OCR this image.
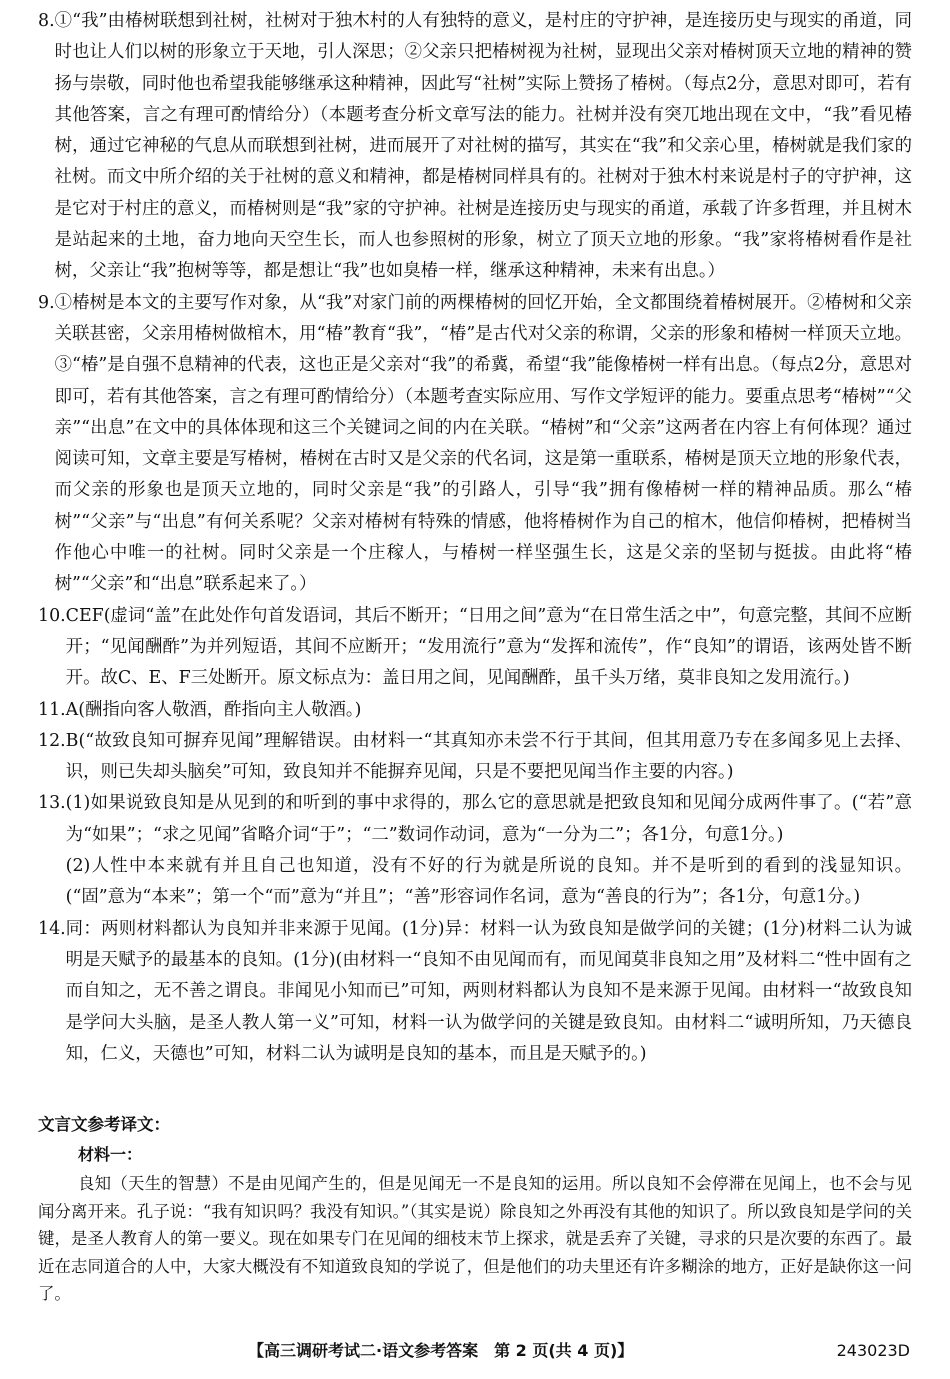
8. ①“我”由椿树联想到社树，社树对于独木村的人有独特的意义，是村庄的守护神，是连接历史与现实的甬道，同时也让人们以树的形象立于天地，引人深思；②父亲只把椿树视为社树，显现出父亲对椿树顶天立地的精神的赞扬与崇敬，同时他也希望我能够继承这种精神，因此写“社树”实际上赞扬了椿树。（每点2分，意思对即可，若有其他答案，言之有理可酌情给分）（本题考查分析文章写法的能力。社树并没有突兀地出现在文中，“我”看见椿树，通过它神秘的气息从而联想到社树，进而展开了对社树的描写，其实在“我”和父亲心里，椿树就是我们家的社树。而文中所介绍的关于社树的意义和精神，都是椿树同样具有的。社树对于独木村来说是村子的守护神，这是它对于村庄的意义，而椿树则是“我”家的守护神。社树是连接历史与现实的甬道，承载了许多哲理，并且树木是站起来的土地，奋力地向天空生长，而人也参照树的形象，树立了顶天立地的形象。“我”家将椿树看作是社树，父亲让“我”抱树等等，都是想让“我”也如臭椿一样，继承这种精神，未来有出息。）
9. ①椿树是本文的主要写作对象，从“我”对家门前的两棵椿树的回忆开始，全文都围绕着椿树展开。②椿树和父亲关联甚密，父亲用椿树做棺木，用“椿”教育“我”，“椿”是古代对父亲的称谓，父亲的形象和椿树一样顶天立地。③“椿”是自强不息精神的代表，这也正是父亲对“我”的希冀，希望“我”能像椿树一样有出息。（每点2分，意思对即可，若有其他答案，言之有理可酌情给分）（本题考查实际应用、写作文学短评的能力。要重点思考“椿树”“父亲”“出息”在文中的具体体现和这三个关键词之间的内在关联。“椿树”和“父亲”这两者在内容上有何体现？通过阅读可知，文章主要是写椿树，椿树在古时又是父亲的代名词，这是第一重联系，椿树是顶天立地的形象代表，而父亲的形象也是顶天立地的，同时父亲是“我”的引路人，引导“我”拥有像椿树一样的精神品质。那么“椿树”“父亲”与“出息”有何关系呢？父亲对椿树有特殊的情感，他将椿树作为自己的棺木，他信仰椿树，把椿树当作他心中唯一的社树。同时父亲是一个庄稼人，与椿树一样坚强生长，这是父亲的坚韧与挺拔。由此将“椿树”“父亲”和“出息”联系起来了。）
10. CEF(虚词“盖”在此处作句首发语词，其后不断开；“日用之间”意为“在日常生活之中”，句意完整，其间不应断开；“见闻酬酢”为并列短语，其间不应断开；“发用流行”意为“发挥和流传”，作“良知”的谓语，该两处皆不断开。故C、E、F三处断开。原文标点为：盖日用之间，见闻酬酢，虽千头万绪，莫非良知之发用流行。)
11. A(酬指向客人敬酒，酢指向主人敬酒。)
12. B(“故致良知可摒弃见闻”理解错误。由材料一“其真知亦未尝不行于其间，但其用意乃专在多闻多见上去择、识，则已失却头脑矣”可知，致良知并不能摒弃见闻，只是不要把见闻当作主要的内容。)
13. (1)如果说致良知是从见到的和听到的事中求得的，那么它的意思就是把致良知和见闻分成两件事了。(“若”意为“如果”；“求之见闻”省略介词“于”；“二”数词作动词，意为“一分为二”；各1分，句意1分。)
(2)人性中本来就有并且自己也知道，没有不好的行为就是所说的良知。并不是听到的看到的浅显知识。(“固”意为“本来”；第一个“而”意为“并且”；“善”形容词作名词，意为“善良的行为”；各1分，句意1分。)
14. 同：两则材料都认为良知并非来源于见闻。(1分)异：材料一认为致良知是做学问的关键；(1分)材料二认为诚明是天赋予的最基本的良知。(1分)(由材料一“良知不由见闻而有，而见闻莫非良知之用”及材料二“性中固有之而自知之，无不善之谓良。非闻见小知而已”可知，两则材料都认为良知不是来源于见闻。由材料一“故致良知是学问大头脑，是圣人教人第一义”可知，材料一认为做学问的关键是致良知。由材料二“诚明所知，乃天德良知，仁义，天德也”可知，材料二认为诚明是良知的基本，而且是天赋予的。)
文言文参考译文：
材料一：
良知（天生的智慧）不是由见闻产生的，但是见闻无一不是良知的运用。所以良知不会停滞在见闻上，也不会与见闻分离开来。孔子说：“我有知识吗？我没有知识。”（其实是说）除良知之外再没有其他的知识了。所以致良知是学问的关键，是圣人教育人的第一要义。现在如果专门在见闻的细枝末节上探求，就是丢弃了关键，寻求的只是次要的东西了。最近在志同道合的人中，大家大概没有不知道致良知的学说了，但是他们的功夫里还有许多糊涂的地方，正好是缺你这一问了。
【高三调研考试二·语文参考答案　第 2 页(共 4 页)】	243023D
